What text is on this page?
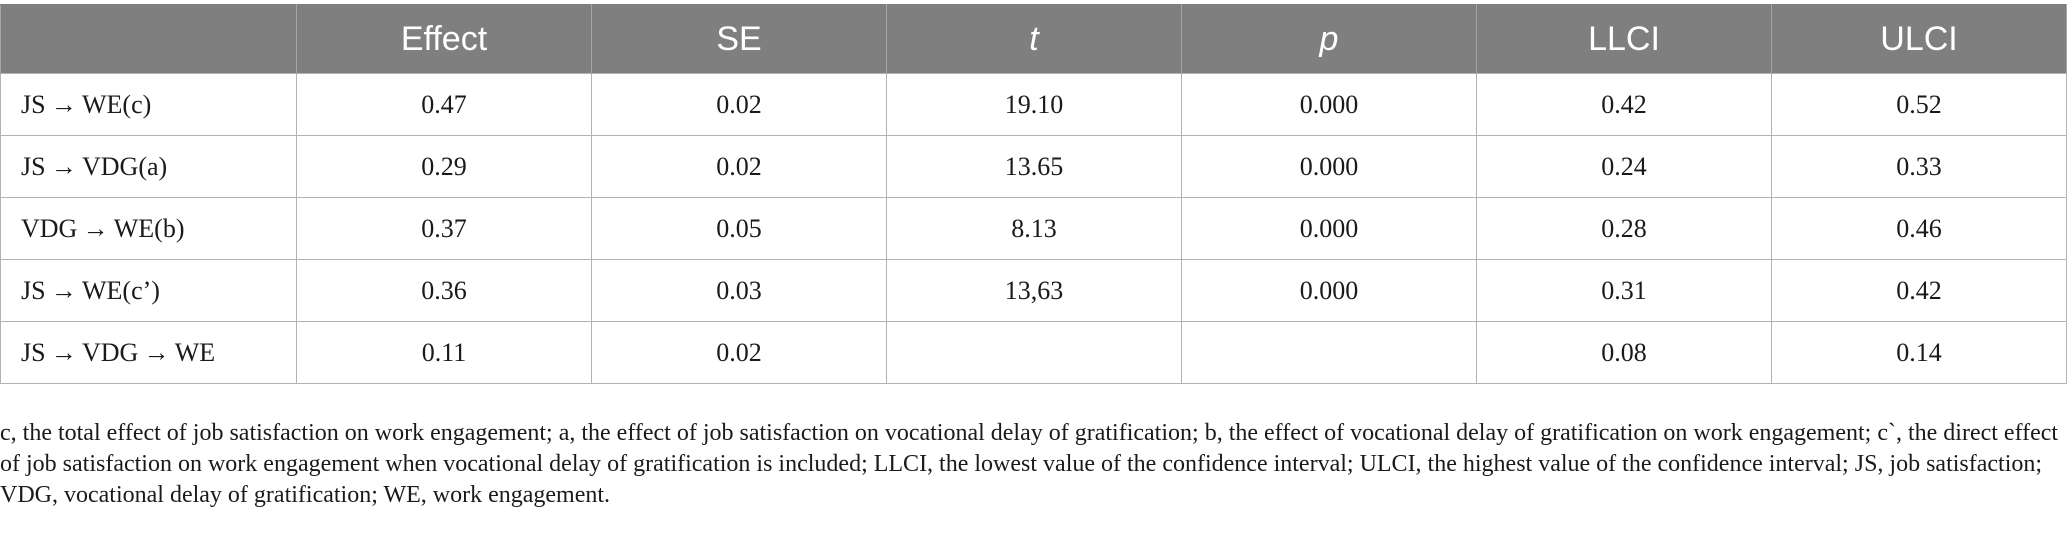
	Effect	SE	t	p	LLCI	ULCI
JS → WE(c)	0.47	0.02	19.10	0.000	0.42	0.52
JS → VDG(a)	0.29	0.02	13.65	0.000	0.24	0.33
VDG → WE(b)	0.37	0.05	8.13	0.000	0.28	0.46
JS → WE(c’)	0.36	0.03	13,63	0.000	0.31	0.42
JS → VDG → WE	0.11	0.02			0.08	0.14

c, the total effect of job satisfaction on work engagement; a, the effect of job satisfaction on vocational delay of gratification; b, the effect of vocational delay of gratification on work engagement; c`, the direct effect of job satisfaction on work engagement when vocational delay of gratification is included; LLCI, the lowest value of the confidence interval; ULCI, the highest value of the confidence interval; JS, job satisfaction; VDG, vocational delay of gratification; WE, work engagement.
